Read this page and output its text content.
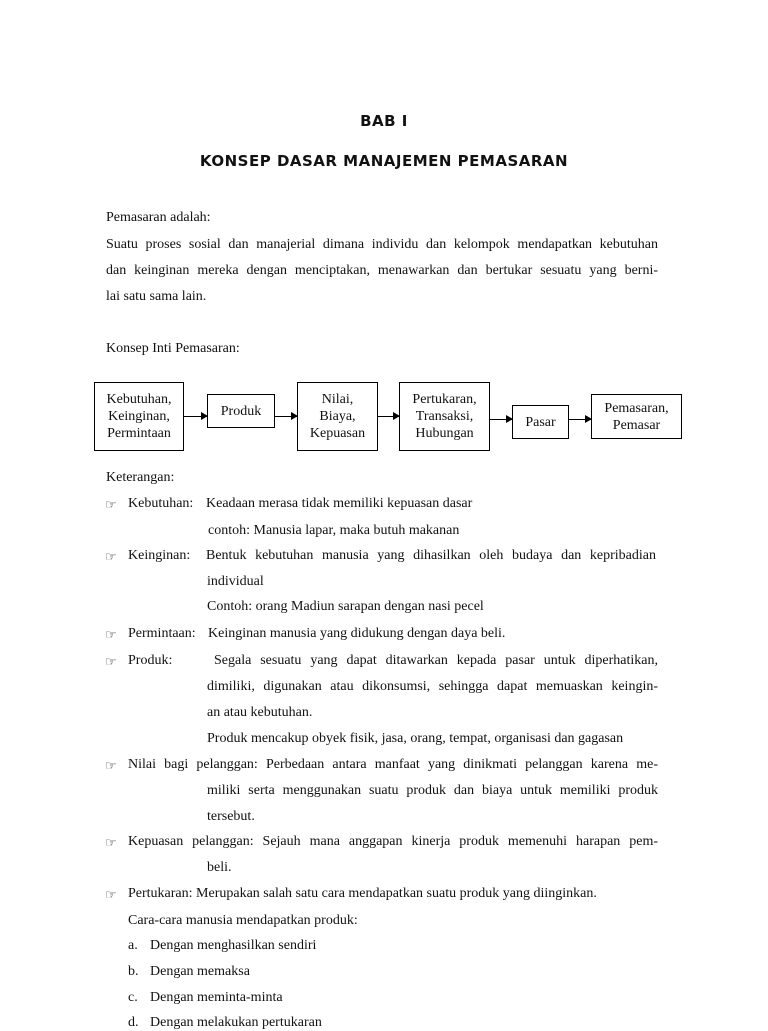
BAB I
KONSEP DASAR MANAJEMEN PEMASARAN
Pemasaran adalah:
Suatu proses sosial dan manajerial dimana individu dan kelompok mendapatkan kebutuhan
dan keinginan mereka dengan menciptakan, menawarkan dan bertukar sesuatu yang berni-
lai satu sama lain.
Konsep Inti Pemasaran:
Kebutuhan,
Keinginan,
Permintaan
Produk
Nilai,
Biaya,
Kepuasan
Pertukaran,
Transaksi,
Hubungan
Pasar
Pemasaran,
Pemasar
Keterangan:
☞ Kebutuhan: Keadaan merasa tidak memiliki kepuasan dasar
contoh: Manusia lapar, maka butuh makanan
☞ Keinginan: Bentuk kebutuhan manusia yang dihasilkan oleh budaya dan kepribadian
individual
Contoh: orang Madiun sarapan dengan nasi pecel
☞ Permintaan: Keinginan manusia yang didukung dengan daya beli.
☞ Produk:	Segala sesuatu yang dapat ditawarkan kepada pasar untuk diperhatikan,
dimiliki, digunakan atau dikonsumsi, sehingga dapat memuaskan keingin-
an atau kebutuhan.
Produk mencakup obyek fisik, jasa, orang, tempat, organisasi dan gagasan
☞ Nilai bagi pelanggan: Perbedaan antara manfaat yang dinikmati pelanggan karena me-
miliki serta menggunakan suatu produk dan biaya untuk memiliki produk
tersebut.
☞ Kepuasan pelanggan: Sejauh mana anggapan kinerja produk memenuhi harapan pem-
beli.
☞ Pertukaran: Merupakan salah satu cara mendapatkan suatu produk yang diinginkan.
Cara-cara manusia mendapatkan produk:
a. Dengan menghasilkan sendiri
b. Dengan memaksa
c. Dengan meminta-minta
d. Dengan melakukan pertukaran
